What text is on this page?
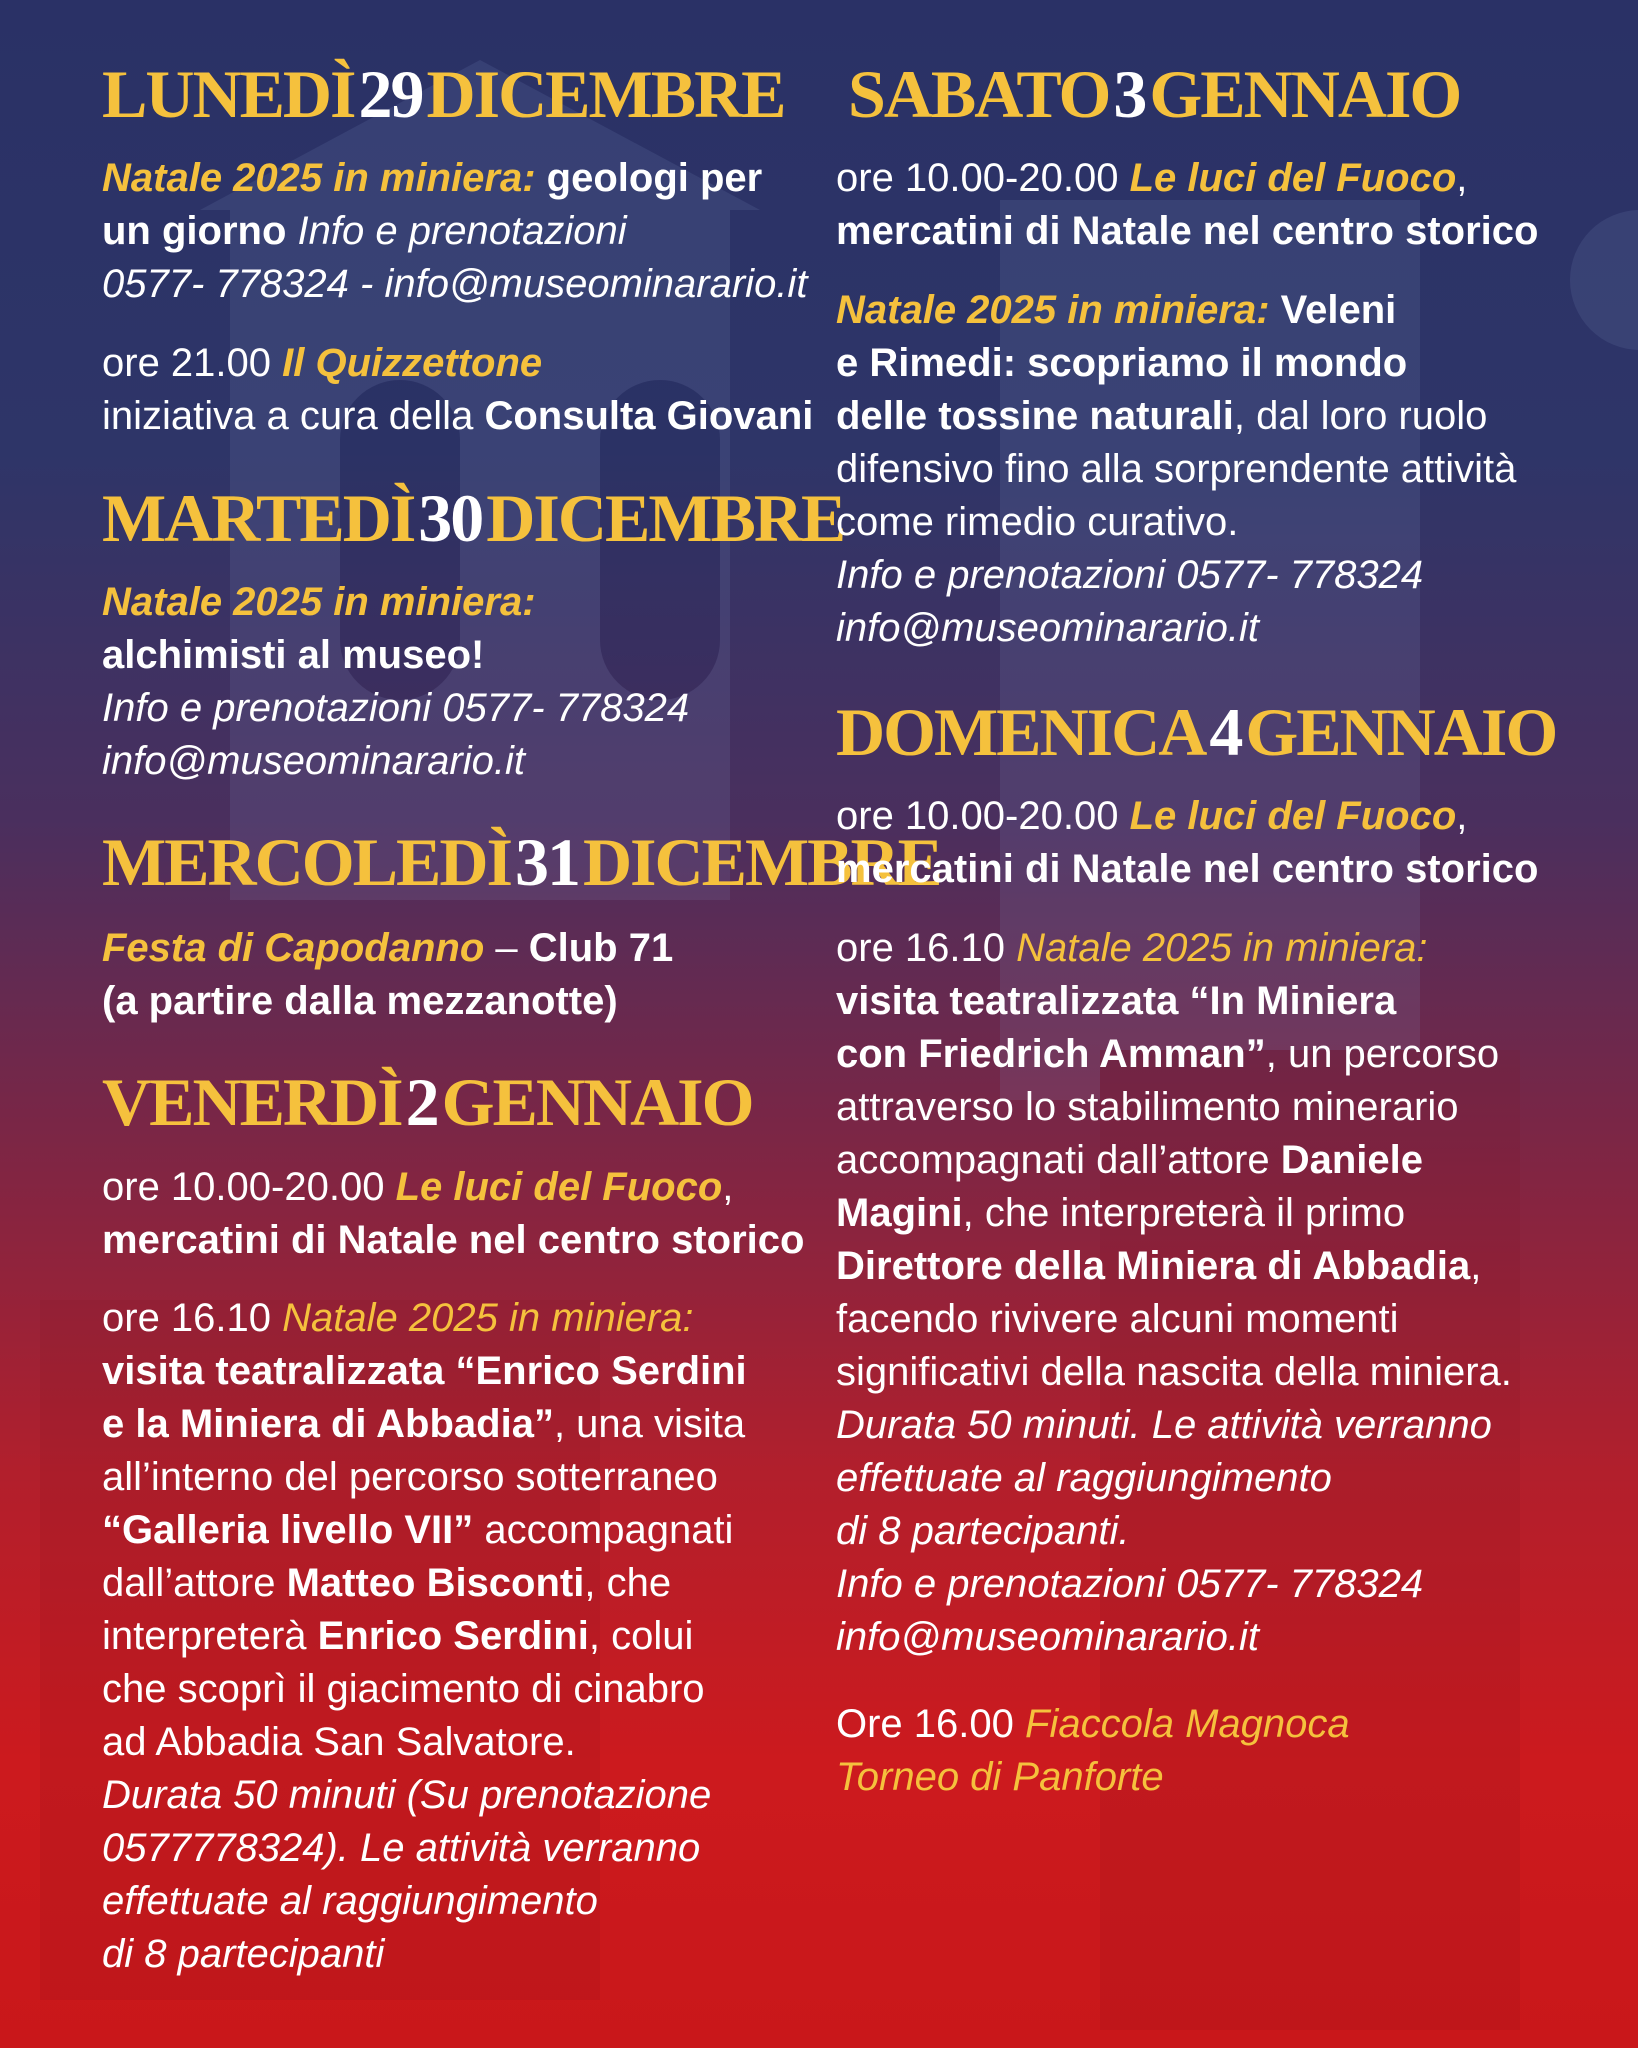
LUNEDÌ29DICEMBRE

Natale 2025 in miniera: geologi per

un giorno Info e prenotazioni

0577- 778324 - info@museominarario.it

ore 21.00 Il Quizzettone

iniziativa a cura della Consulta Giovani

MARTEDÌ30DICEMBRE

Natale 2025 in miniera:

alchimisti al museo!

Info e prenotazioni 0577- 778324

info@museominarario.it

MERCOLEDÌ31DICEMBRE

Festa di Capodanno – Club 71

(a partire dalla mezzanotte)

VENERDÌ2GENNAIO

ore 10.00-20.00 Le luci del Fuoco,

mercatini di Natale nel centro storico

ore 16.10 Natale 2025 in miniera:

visita teatralizzata “Enrico Serdini

e la Miniera di Abbadia”, una visita

all’interno del percorso sotterraneo

“Galleria livello VII” accompagnati

dall’attore Matteo Bisconti, che

interpreterà Enrico Serdini, colui

che scoprì il giacimento di cinabro

ad Abbadia San Salvatore.

Durata 50 minuti (Su prenotazione

0577778324). Le attività verranno

effettuate al raggiungimento

di 8 partecipanti

SABATO3GENNAIO

ore 10.00-20.00 Le luci del Fuoco,

mercatini di Natale nel centro storico

Natale 2025 in miniera: Veleni

e Rimedi: scopriamo il mondo

delle tossine naturali, dal loro ruolo

difensivo fino alla sorprendente attività

come rimedio curativo.

Info e prenotazioni 0577- 778324

info@museominarario.it

DOMENICA4GENNAIO

ore 10.00-20.00 Le luci del Fuoco,

mercatini di Natale nel centro storico

ore 16.10 Natale 2025 in miniera:

visita teatralizzata “In Miniera

con Friedrich Amman”, un percorso

attraverso lo stabilimento minerario

accompagnati dall’attore Daniele

Magini, che interpreterà il primo

Direttore della Miniera di Abbadia,

facendo rivivere alcuni momenti

significativi della nascita della miniera.

Durata 50 minuti. Le attività verranno

effettuate al raggiungimento

di 8 partecipanti.

Info e prenotazioni 0577- 778324

info@museominarario.it

Ore 16.00 Fiaccola Magnoca

Torneo di Panforte
